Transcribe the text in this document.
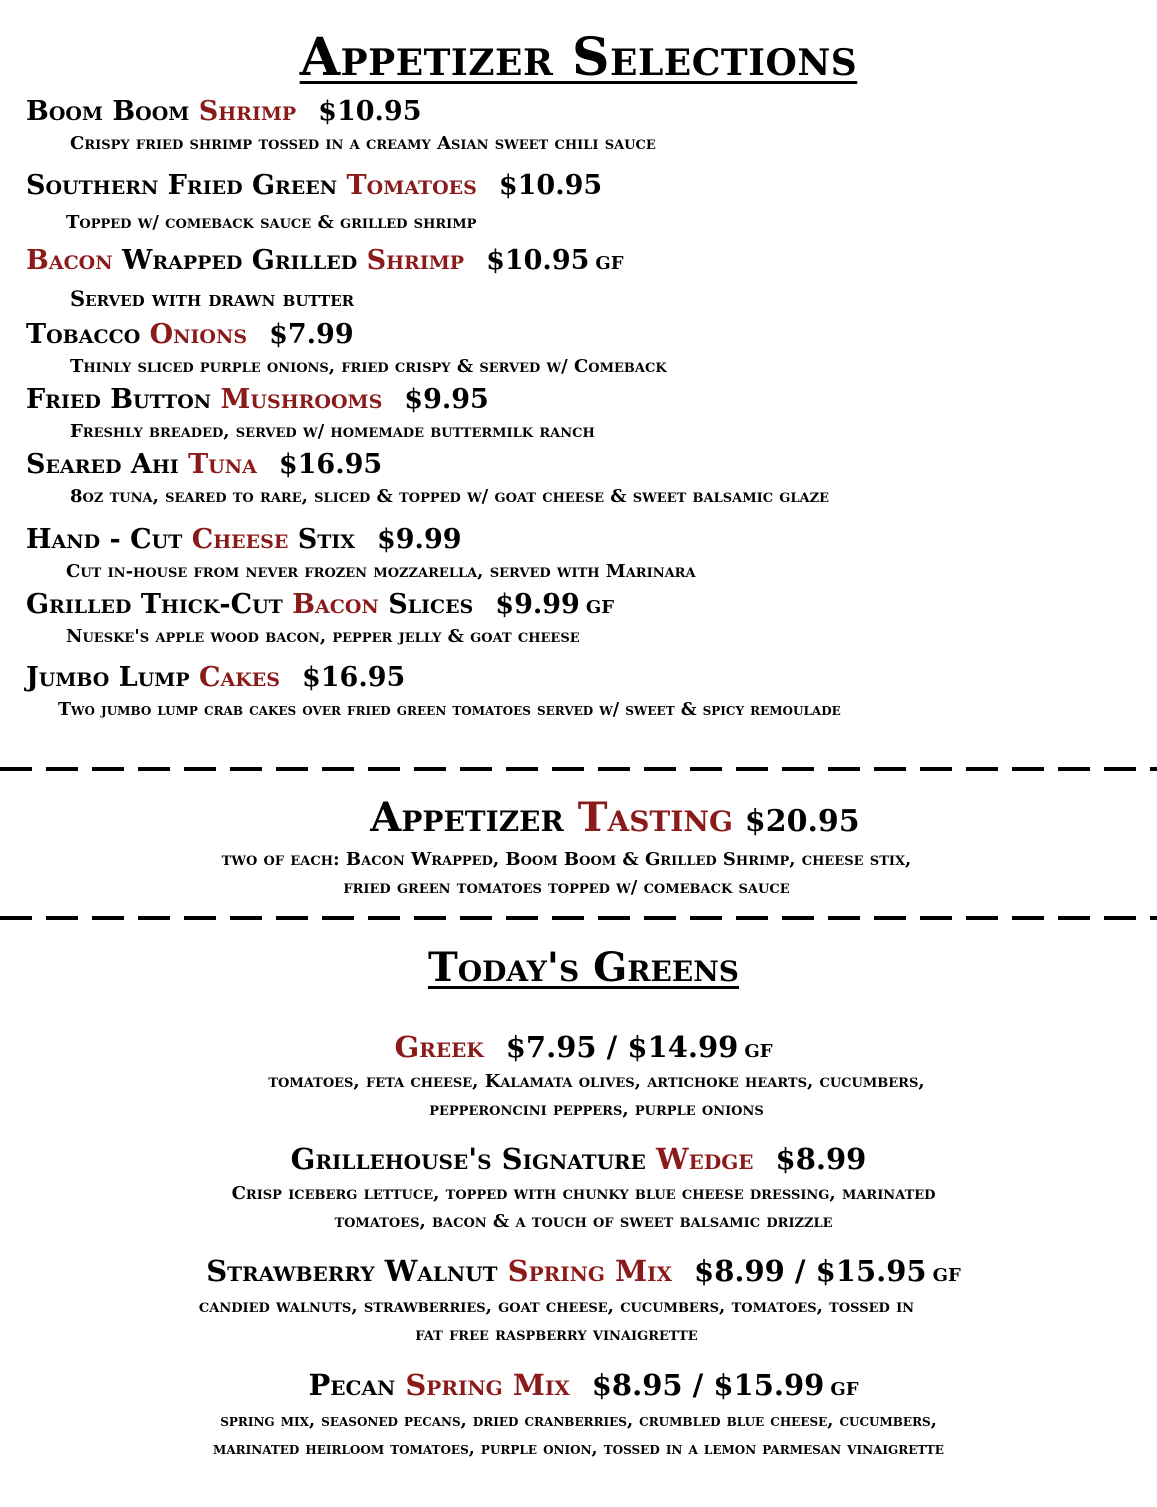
Appetizer Selections
Boom Boom Shrimp $10.95
Crispy fried shrimp tossed in a creamy Asian sweet chili sauce
Southern Fried Green Tomatoes $10.95
Topped w/ comeback sauce & grilled shrimp
Bacon Wrapped Grilled Shrimp $10.95 GF
Served with drawn butter
Tobacco Onions $7.99
Thinly sliced purple onions, fried crispy & served w/ Comeback
Fried Button Mushrooms $9.95
Freshly breaded, served w/ homemade buttermilk ranch
Seared Ahi Tuna $16.95
8oz tuna, seared to rare, sliced & topped w/ goat cheese & sweet balsamic glaze
Hand - Cut Cheese Stix $9.99
Cut in-house from never frozen mozzarella, served with Marinara
Grilled Thick-Cut Bacon Slices $9.99 GF
Nueske's apple wood bacon, pepper jelly & goat cheese
Jumbo Lump Cakes $16.95
Two jumbo lump crab cakes over fried green tomatoes served w/ sweet & spicy remoulade
Appetizer Tasting $20.95
two of each: Bacon Wrapped, Boom Boom & Grilled Shrimp, cheese stix,
fried green tomatoes topped w/ comeback sauce
Today's Greens
Greek $7.95 / $14.99 GF
tomatoes, feta cheese, Kalamata olives, artichoke hearts, cucumbers,
pepperoncini peppers, purple onions
Grillehouse's Signature Wedge $8.99
Crisp iceberg lettuce, topped with chunky blue cheese dressing, marinated
tomatoes, bacon & a touch of sweet balsamic drizzle
Strawberry Walnut Spring Mix $8.99 / $15.95 GF
candied walnuts, strawberries, goat cheese, cucumbers, tomatoes, tossed in
fat free raspberry vinaigrette
Pecan Spring Mix $8.95 / $15.99 GF
spring mix, seasoned pecans, dried cranberries, crumbled blue cheese, cucumbers,
marinated heirloom tomatoes, purple onion, tossed in a lemon parmesan vinaigrette
